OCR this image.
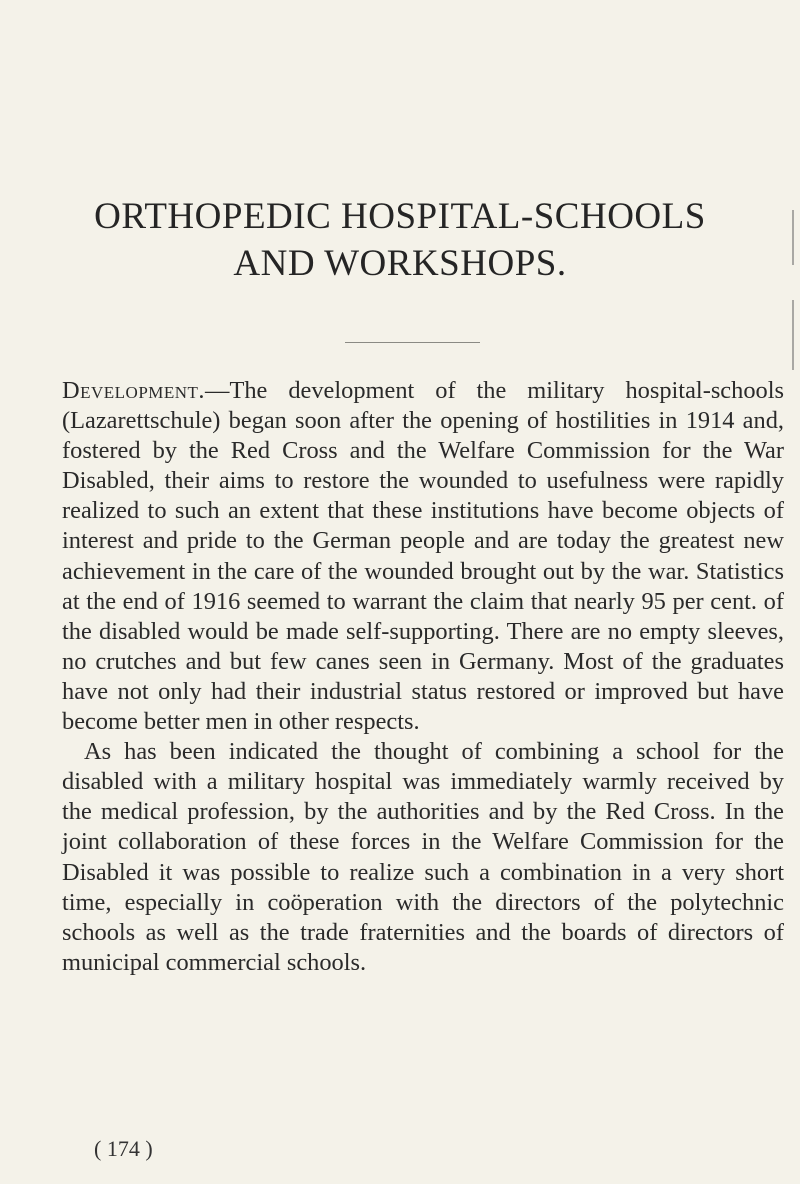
ORTHOPEDIC HOSPITAL-SCHOOLS
AND WORKSHOPS.

Development.—The development of the military hospital-schools (Lazarettschule) began soon after the opening of hostilities in 1914 and, fostered by the Red Cross and the Welfare Commission for the War Disabled, their aims to restore the wounded to usefulness were rapidly realized to such an extent that these institutions have become objects of interest and pride to the German people and are today the greatest new achievement in the care of the wounded brought out by the war. Statistics at the end of 1916 seemed to warrant the claim that nearly 95 per cent. of the disabled would be made self-supporting. There are no empty sleeves, no crutches and but few canes seen in Germany. Most of the graduates have not only had their industrial status restored or improved but have become better men in other respects.

As has been indicated the thought of combining a school for the disabled with a military hospital was immediately warmly received by the medical profession, by the authorities and by the Red Cross. In the joint collaboration of these forces in the Welfare Commission for the Disabled it was possible to realize such a combination in a very short time, especially in coöperation with the directors of the polytechnic schools as well as the trade fraternities and the boards of directors of municipal commercial schools.

( 174 )
